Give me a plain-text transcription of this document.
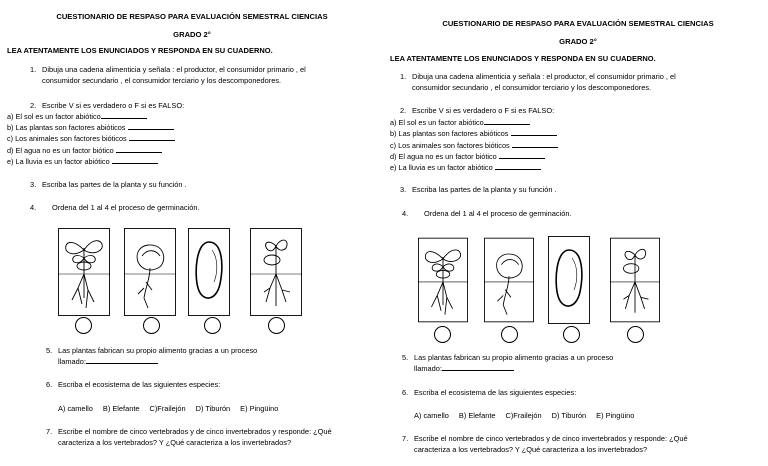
CUESTIONARIO DE RESPASO PARA EVALUACIÓN SEMESTRAL CIENCIAS
GRADO 2°
LEA ATENTAMENTE LOS ENUNCIADOS Y RESPONDA EN SU CUADERNO.
1. Dibuja una cadena alimenticia y señala : el productor, el consumidor primario , el
consumidor secundario , el consumidor terciario y los descomponedores.
2. Escribe V si es verdadero o F si es FALSO:
a) El sol es un factor abiótico
b) Las plantas son factores abióticos
c) Los animales son factores bióticos
d) El agua no es un factor biótico
e) La lluvia es un factor abiótico
3. Escriba las partes de la planta y su función .
4. Ordena del 1 al 4 el proceso de germinación.
5. Las plantas fabrican su propio alimento gracias a un proceso
llamado:
6. Escriba el ecosistema de las siguientes especies:
A) camello B) Elefante C)Frailejón D) Tiburón E) Pingüino
7. Escribe el nombre de cinco vertebrados y de cinco invertebrados y responde: ¿Qué
caracteriza a los vertebrados? Y ¿Qué caracteriza a los invertebrados?
CUESTIONARIO DE RESPASO PARA EVALUACIÓN SEMESTRAL CIENCIAS
GRADO 2°
LEA ATENTAMENTE LOS ENUNCIADOS Y RESPONDA EN SU CUADERNO.
1. Dibuja una cadena alimenticia y señala : el productor, el consumidor primario , el
consumidor secundario , el consumidor terciario y los descomponedores.
2. Escribe V si es verdadero o F si es FALSO:
a) El sol es un factor abiótico
b) Las plantas son factores abióticos
c) Los animales son factores bióticos
d) El agua no es un factor biótico
e) La lluvia es un factor abiótico
3. Escriba las partes de la planta y su función .
4. Ordena del 1 al 4 el proceso de germinación.
5. Las plantas fabrican su propio alimento gracias a un proceso
llamado:
6. Escriba el ecosistema de las siguientes especies:
A) camello B) Elefante C)Frailejón D) Tiburón E) Pingüino
7. Escribe el nombre de cinco vertebrados y de cinco invertebrados y responde: ¿Qué
caracteriza a los vertebrados? Y ¿Qué caracteriza a los invertebrados?
